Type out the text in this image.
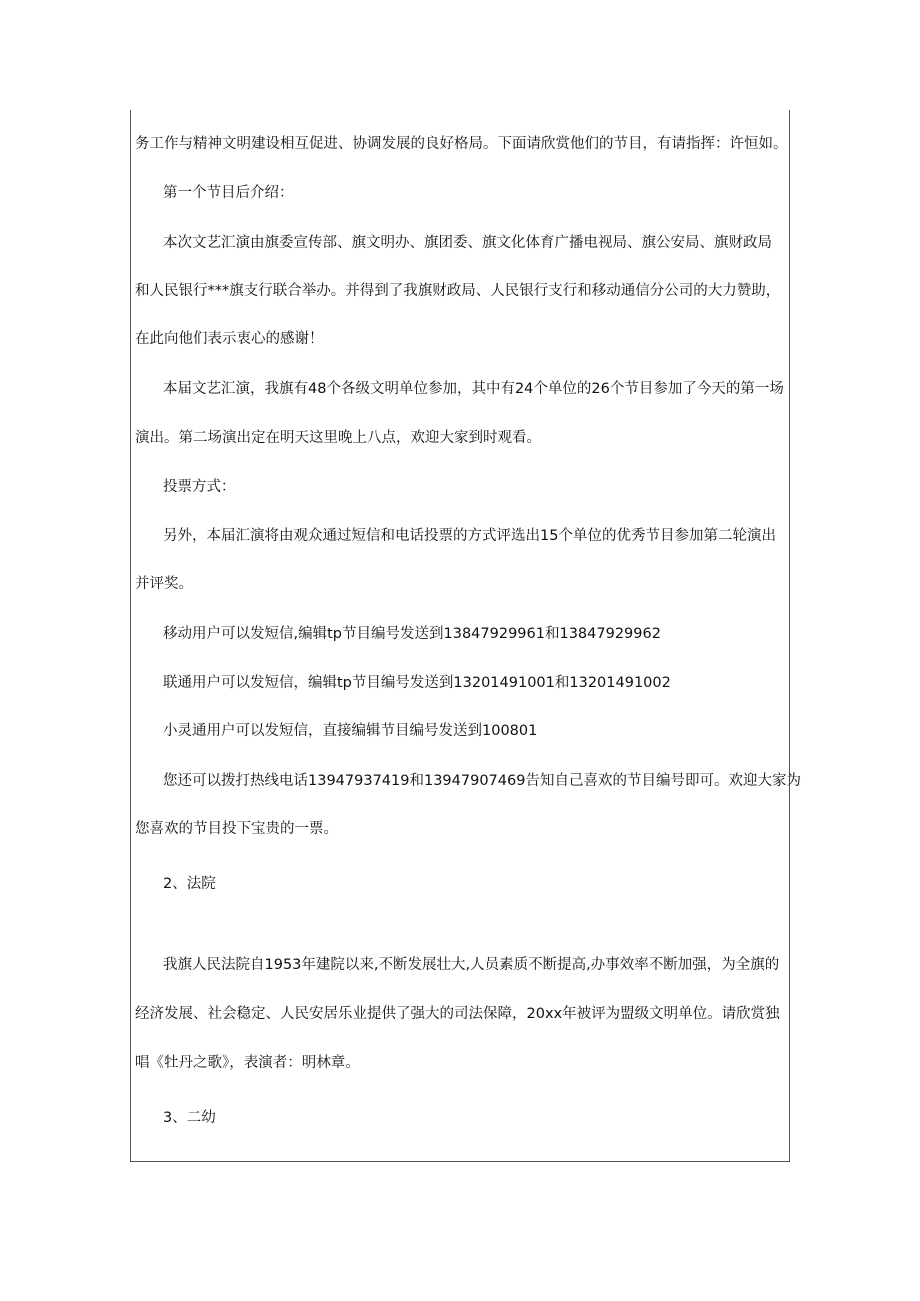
务工作与精神文明建设相互促进、协调发展的良好格局。下面请欣赏他们的节目，有请指挥：许恒如。
第一个节目后介绍：
本次文艺汇演由旗委宣传部、旗文明办、旗团委、旗文化体育广播电视局、旗公安局、旗财政局
和人民银行***旗支行联合举办。并得到了我旗财政局、人民银行支行和移动通信分公司的大力赞助，
在此向他们表示衷心的感谢！
本届文艺汇演，我旗有48个各级文明单位参加，其中有24个单位的26个节目参加了今天的第一场
演出。第二场演出定在明天这里晚上八点，欢迎大家到时观看。
投票方式：
另外，本届汇演将由观众通过短信和电话投票的方式评选出15个单位的优秀节目参加第二轮演出
并评奖。
移动用户可以发短信,编辑tp节目编号发送到13847929961和13847929962
联通用户可以发短信，编辑tp节目编号发送到13201491001和13201491002
小灵通用户可以发短信，直接编辑节目编号发送到100801
您还可以拨打热线电话13947937419和13947907469告知自己喜欢的节目编号即可。欢迎大家为
您喜欢的节目投下宝贵的一票。
2、法院
我旗人民法院自1953年建院以来,不断发展壮大,人员素质不断提高,办事效率不断加强，为全旗的
经济发展、社会稳定、人民安居乐业提供了强大的司法保障，20xx年被评为盟级文明单位。请欣赏独
唱《牡丹之歌》，表演者：明林章。
3、二幼
